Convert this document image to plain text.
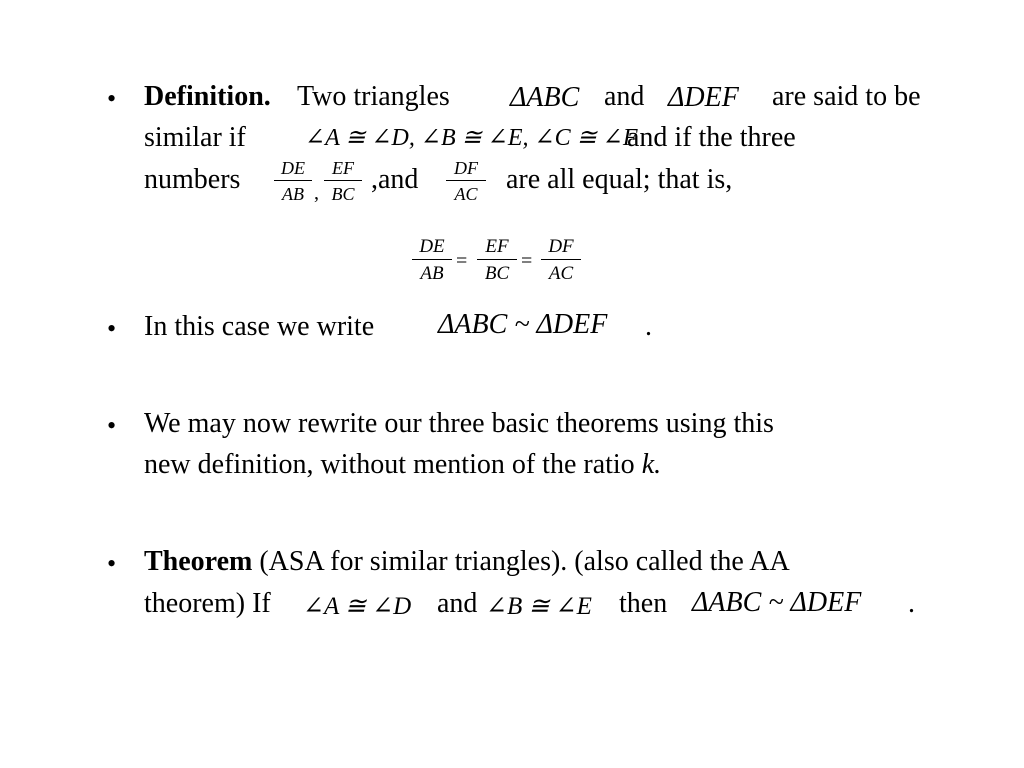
• Definition. Two triangles ΔABC and ΔDEF are said to be
similar if ∠A ≅ ∠D, ∠B ≅ ∠E, ∠C ≅ ∠F
and if the three
numbers	DE
AB ,
EF
BC ,and	DF
AC	are all equal; that is,
DE
AB
=
EF
BC
=
DF
AC
• In this case we write ΔABC ~ ΔDEF .
• We may now rewrite our three basic theorems using this
new definition, without mention of the ratio k.
• Theorem (ASA for similar triangles). (also called the AA
theorem) If ∠A ≅ ∠D and ∠B ≅ ∠E then ΔABC ~ ΔDEF .
